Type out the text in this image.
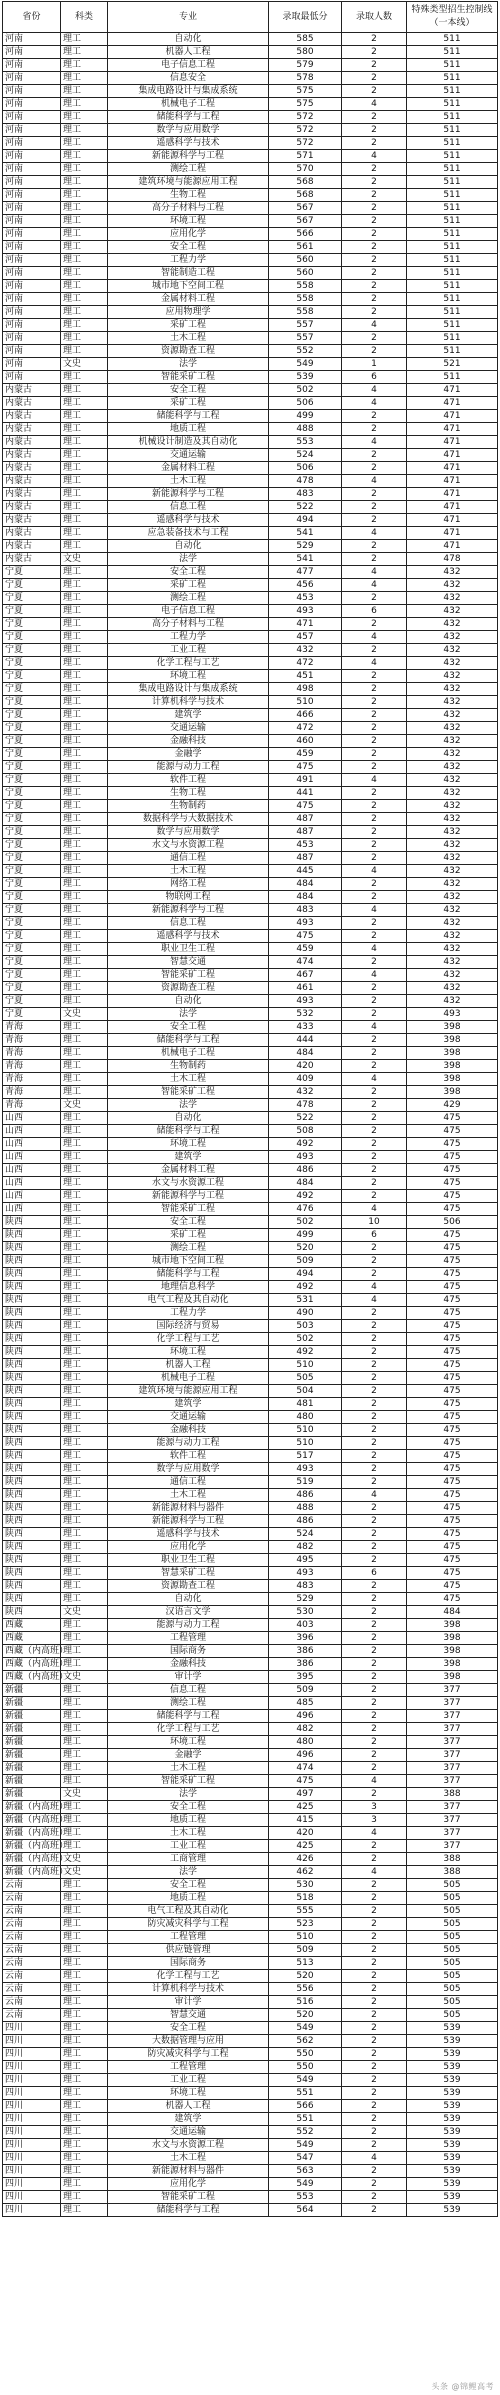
省份	科类	专业	录取最低分	录取人数	特殊类型招生控制线（一本线）
河南	理工	自动化	585	2	511
河南	理工	机器人工程	580	2	511
河南	理工	电子信息工程	579	2	511
河南	理工	信息安全	578	2	511
河南	理工	集成电路设计与集成系统	575	2	511
河南	理工	机械电子工程	575	4	511
河南	理工	储能科学与工程	572	2	511
河南	理工	数学与应用数学	572	2	511
河南	理工	遥感科学与技术	572	2	511
河南	理工	新能源科学与工程	571	4	511
河南	理工	测绘工程	570	2	511
河南	理工	建筑环境与能源应用工程	568	2	511
河南	理工	生物工程	568	2	511
河南	理工	高分子材料与工程	567	2	511
河南	理工	环境工程	567	2	511
河南	理工	应用化学	566	2	511
河南	理工	安全工程	561	2	511
河南	理工	工程力学	560	2	511
河南	理工	智能制造工程	560	2	511
河南	理工	城市地下空间工程	558	2	511
河南	理工	金属材料工程	558	2	511
河南	理工	应用物理学	558	2	511
河南	理工	采矿工程	557	4	511
河南	理工	土木工程	557	2	511
河南	理工	资源勘查工程	552	2	511
河南	文史	法学	549	1	521
河南	理工	智能采矿工程	539	6	511
内蒙古	理工	安全工程	502	4	471
内蒙古	理工	采矿工程	506	4	471
内蒙古	理工	储能科学与工程	499	2	471
内蒙古	理工	地质工程	488	2	471
内蒙古	理工	机械设计制造及其自动化	553	4	471
内蒙古	理工	交通运输	524	2	471
内蒙古	理工	金属材料工程	506	2	471
内蒙古	理工	土木工程	478	4	471
内蒙古	理工	新能源科学与工程	483	2	471
内蒙古	理工	信息工程	522	2	471
内蒙古	理工	遥感科学与技术	494	2	471
内蒙古	理工	应急装备技术与工程	541	4	471
内蒙古	理工	自动化	529	2	471
内蒙古	文史	法学	541	2	478
宁夏	理工	安全工程	477	4	432
宁夏	理工	采矿工程	456	4	432
宁夏	理工	测绘工程	453	2	432
宁夏	理工	电子信息工程	493	6	432
宁夏	理工	高分子材料与工程	471	2	432
宁夏	理工	工程力学	457	4	432
宁夏	理工	工业工程	432	2	432
宁夏	理工	化学工程与工艺	472	4	432
宁夏	理工	环境工程	451	2	432
宁夏	理工	集成电路设计与集成系统	498	2	432
宁夏	理工	计算机科学与技术	510	2	432
宁夏	理工	建筑学	466	2	432
宁夏	理工	交通运输	472	2	432
宁夏	理工	金融科技	460	2	432
宁夏	理工	金融学	459	2	432
宁夏	理工	能源与动力工程	475	2	432
宁夏	理工	软件工程	491	4	432
宁夏	理工	生物工程	441	2	432
宁夏	理工	生物制药	475	2	432
宁夏	理工	数据科学与大数据技术	487	2	432
宁夏	理工	数学与应用数学	487	2	432
宁夏	理工	水文与水资源工程	453	2	432
宁夏	理工	通信工程	487	2	432
宁夏	理工	土木工程	445	4	432
宁夏	理工	网络工程	484	2	432
宁夏	理工	物联网工程	484	2	432
宁夏	理工	新能源科学与工程	483	4	432
宁夏	理工	信息工程	493	2	432
宁夏	理工	遥感科学与技术	475	2	432
宁夏	理工	职业卫生工程	459	4	432
宁夏	理工	智慧交通	474	2	432
宁夏	理工	智能采矿工程	467	4	432
宁夏	理工	资源勘查工程	461	2	432
宁夏	理工	自动化	493	2	432
宁夏	文史	法学	532	2	493
青海	理工	安全工程	433	4	398
青海	理工	储能科学与工程	444	2	398
青海	理工	机械电子工程	484	2	398
青海	理工	生物制药	420	2	398
青海	理工	土木工程	409	4	398
青海	理工	智能采矿工程	432	2	398
青海	文史	法学	478	2	429
山西	理工	自动化	522	2	475
山西	理工	储能科学与工程	508	2	475
山西	理工	环境工程	492	2	475
山西	理工	建筑学	493	2	475
山西	理工	金属材料工程	486	2	475
山西	理工	水文与水资源工程	484	2	475
山西	理工	新能源科学与工程	492	2	475
山西	理工	智能采矿工程	476	4	475
陕西	理工	安全工程	502	10	506
陕西	理工	采矿工程	499	6	475
陕西	理工	测绘工程	520	2	475
陕西	理工	城市地下空间工程	509	2	475
陕西	理工	储能科学与工程	494	2	475
陕西	理工	地理信息科学	492	4	475
陕西	理工	电气工程及其自动化	531	4	475
陕西	理工	工程力学	490	2	475
陕西	理工	国际经济与贸易	503	2	475
陕西	理工	化学工程与工艺	502	2	475
陕西	理工	环境工程	492	2	475
陕西	理工	机器人工程	510	2	475
陕西	理工	机械电子工程	505	2	475
陕西	理工	建筑环境与能源应用工程	504	2	475
陕西	理工	建筑学	481	2	475
陕西	理工	交通运输	480	2	475
陕西	理工	金融科技	510	2	475
陕西	理工	能源与动力工程	510	2	475
陕西	理工	软件工程	517	2	475
陕西	理工	数学与应用数学	493	2	475
陕西	理工	通信工程	519	2	475
陕西	理工	土木工程	486	4	475
陕西	理工	新能源材料与器件	488	2	475
陕西	理工	新能源科学与工程	486	2	475
陕西	理工	遥感科学与技术	524	2	475
陕西	理工	应用化学	482	2	475
陕西	理工	职业卫生工程	495	2	475
陕西	理工	智慧采矿工程	493	6	475
陕西	理工	资源勘查工程	483	2	475
陕西	理工	自动化	529	2	475
陕西	文史	汉语言文学	530	2	484
西藏	理工	能源与动力工程	403	2	398
西藏	理工	工程管理	396	2	398
西藏（内高班）	理工	国际商务	386	2	398
西藏（内高班）	理工	金融科技	386	2	398
西藏（内高班）	文史	审计学	395	2	398
新疆	理工	信息工程	509	2	377
新疆	理工	测绘工程	485	2	377
新疆	理工	储能科学与工程	496	2	377
新疆	理工	化学工程与工艺	482	2	377
新疆	理工	环境工程	480	2	377
新疆	理工	金融学	496	2	377
新疆	理工	土木工程	474	2	377
新疆	理工	智能采矿工程	475	4	377
新疆	文史	法学	497	2	388
新疆（内高班）	理工	安全工程	425	3	377
新疆（内高班）	理工	地质工程	415	3	377
新疆（内高班）	理工	土木工程	420	4	377
新疆（内高班）	理工	工业工程	425	2	377
新疆（内高班）	文史	工商管理	426	2	388
新疆（内高班）	文史	法学	462	4	388
云南	理工	安全工程	530	2	505
云南	理工	地质工程	518	2	505
云南	理工	电气工程及其自动化	555	2	505
云南	理工	防灾减灾科学与工程	523	2	505
云南	理工	工程管理	510	2	505
云南	理工	供应链管理	509	2	505
云南	理工	国际商务	513	2	505
云南	理工	化学工程与工艺	520	2	505
云南	理工	计算机科学与技术	556	2	505
云南	理工	审计学	516	2	505
云南	理工	智慧交通	520	2	505
四川	理工	安全工程	549	2	539
四川	理工	大数据管理与应用	562	2	539
四川	理工	防灾减灾科学与工程	550	2	539
四川	理工	工程管理	550	2	539
四川	理工	工业工程	549	2	539
四川	理工	环境工程	551	2	539
四川	理工	机器人工程	566	2	539
四川	理工	建筑学	551	2	539
四川	理工	交通运输	552	2	539
四川	理工	水文与水资源工程	549	2	539
四川	理工	土木工程	547	4	539
四川	理工	新能源材料与器件	563	2	539
四川	理工	应用化学	549	2	539
四川	理工	智能采矿工程	553	2	539
四川	理工	储能科学与工程	564	2	539
头条 @锦鲤高考
